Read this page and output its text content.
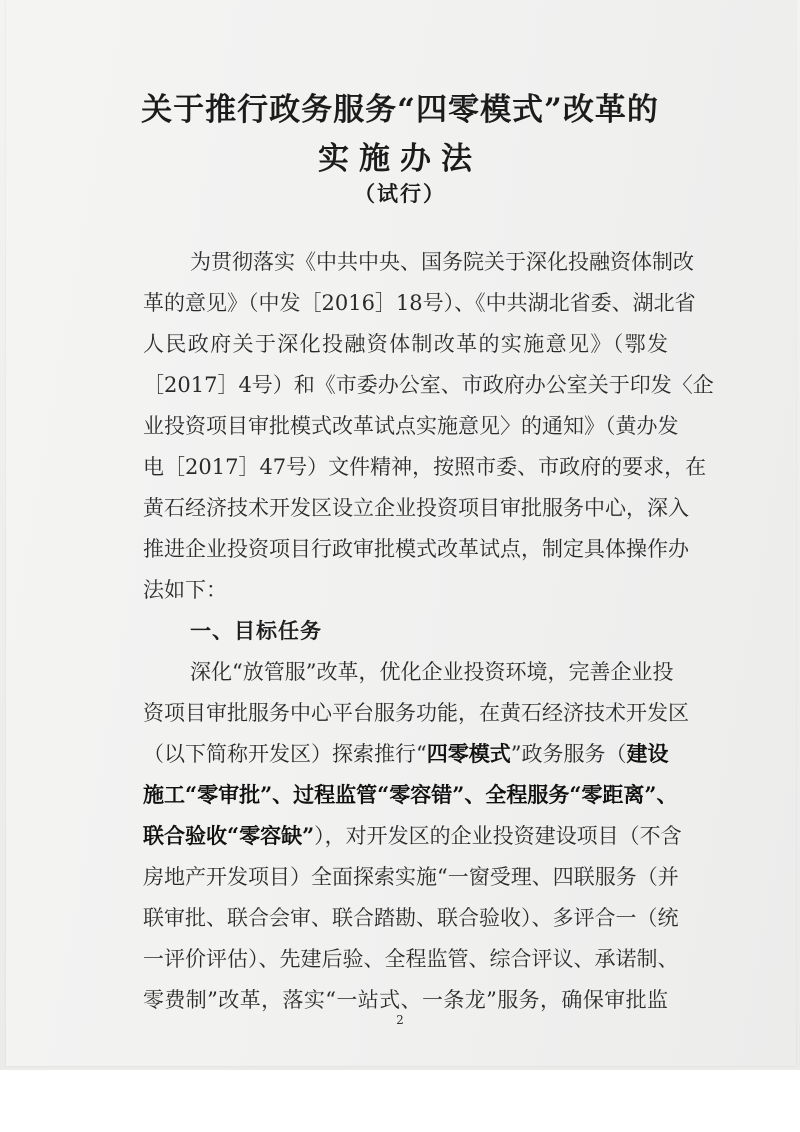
关于推行政务服务“四零模式”改革的
实施办法
（试行）
为贯彻落实《中共中央、国务院关于深化投融资体制改
革的意见》（中发［2016］18号）、《中共湖北省委、湖北省
人民政府关于深化投融资体制改革的实施意见》（鄂发
［2017］4号）和《市委办公室、市政府办公室关于印发〈企
业投资项目审批模式改革试点实施意见〉的通知》（黄办发
电［2017］47号）文件精神，按照市委、市政府的要求，在
黄石经济技术开发区设立企业投资项目审批服务中心，深入
推进企业投资项目行政审批模式改革试点，制定具体操作办
法如下：
一、目标任务
深化“放管服”改革，优化企业投资环境，完善企业投
资项目审批服务中心平台服务功能，在黄石经济技术开发区
（以下简称开发区）探索推行“四零模式”政务服务（建设
施工“零审批”、过程监管“零容错”、全程服务“零距离”、
联合验收“零容缺”），对开发区的企业投资建设项目（不含
2
房地产开发项目）全面探索实施“一窗受理、四联服务（并
联审批、联合会审、联合踏勘、联合验收）、多评合一（统
一评价评估）、先建后验、全程监管、综合评议、承诺制、
零费制”改革，落实“一站式、一条龙”服务，确保审批监
